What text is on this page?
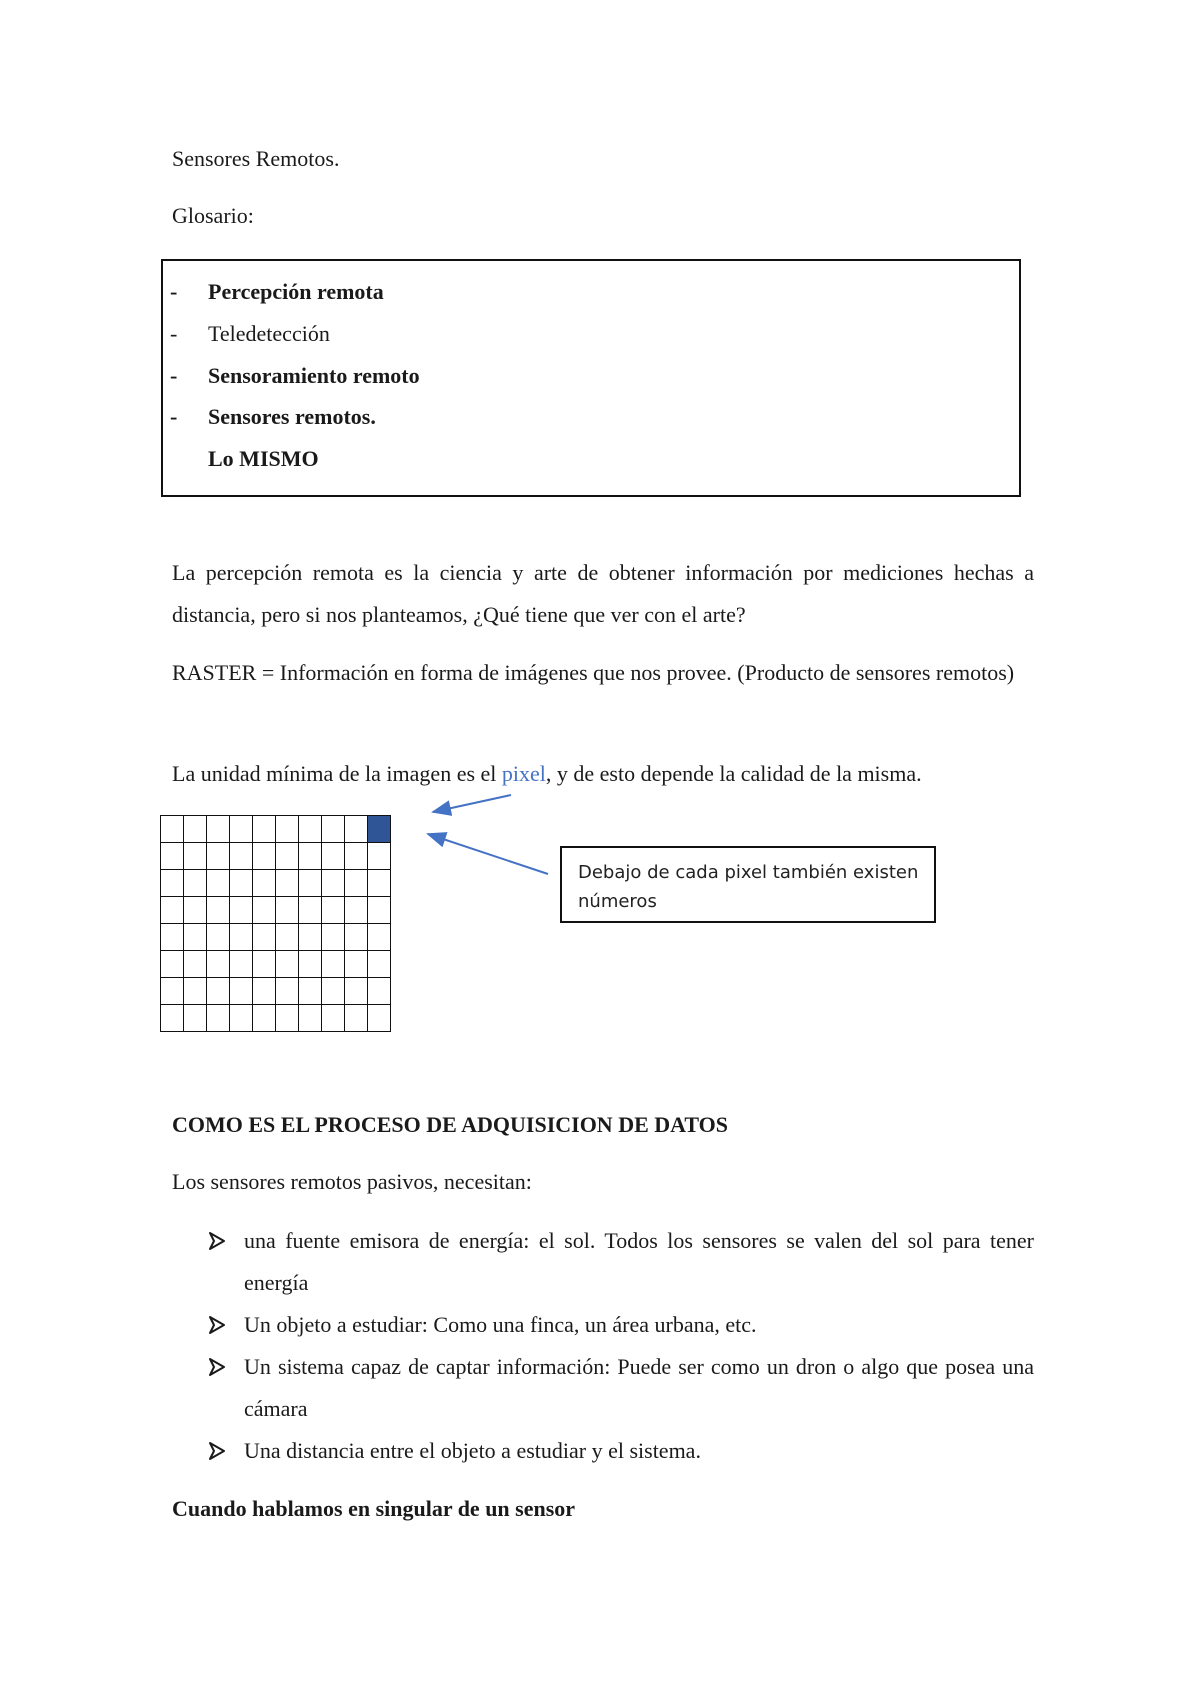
Sensores Remotos.
Glosario:
- Percepción remota
- Teledetección
- Sensoramiento remoto
- Sensores remotos.
Lo MISMO
La percepción remota es la ciencia y arte de obtener información por mediciones hechas a distancia, pero si nos planteamos, ¿Qué tiene que ver con el arte?
RASTER = Información en forma de imágenes que nos provee. (Producto de sensores remotos)
La unidad mínima de la imagen es el pixel, y de esto depende la calidad de la misma.

Debajo de cada pixel también existen números
COMO ES EL PROCESO DE ADQUISICION DE DATOS
Los sensores remotos pasivos, necesitan:
una fuente emisora de energía: el sol. Todos los sensores se valen del sol para tener energía
Un objeto a estudiar: Como una finca, un área urbana, etc.
Un sistema capaz de captar información: Puede ser como un dron o algo que posea una cámara
Una distancia entre el objeto a estudiar y el sistema.
Cuando hablamos en singular de un sensor
